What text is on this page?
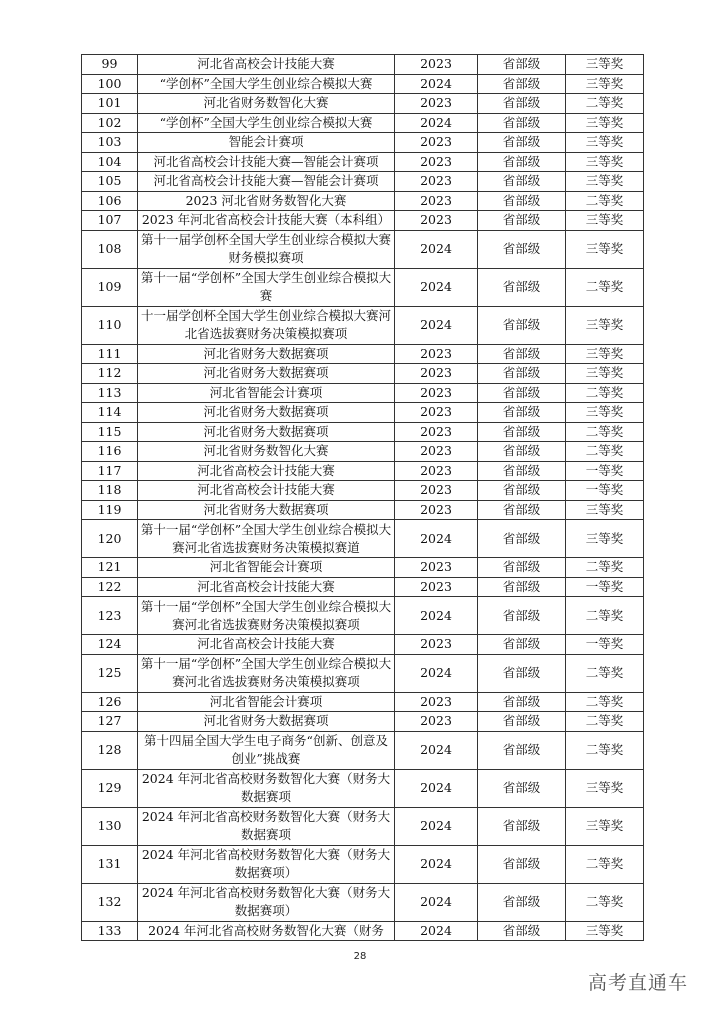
99	河北省高校会计技能大赛	2023	省部级	三等奖
100	“学创杯”全国大学生创业综合模拟大赛	2024	省部级	三等奖
101	河北省财务数智化大赛	2023	省部级	二等奖
102	“学创杯”全国大学生创业综合模拟大赛	2024	省部级	三等奖
103	智能会计赛项	2023	省部级	三等奖
104	河北省高校会计技能大赛—智能会计赛项	2023	省部级	三等奖
105	河北省高校会计技能大赛—智能会计赛项	2023	省部级	三等奖
106	2023 河北省财务数智化大赛	2023	省部级	二等奖
107	2023 年河北省高校会计技能大赛（本科组）	2023	省部级	三等奖
108	第十一届学创杯全国大学生创业综合模拟大赛财务模拟赛项	2024	省部级	三等奖
109	第十一届“学创杯”全国大学生创业综合模拟大赛	2024	省部级	二等奖
110	十一届学创杯全国大学生创业综合模拟大赛河北省选拔赛财务决策模拟赛项	2024	省部级	三等奖
111	河北省财务大数据赛项	2023	省部级	三等奖
112	河北省财务大数据赛项	2023	省部级	三等奖
113	河北省智能会计赛项	2023	省部级	二等奖
114	河北省财务大数据赛项	2023	省部级	三等奖
115	河北省财务大数据赛项	2023	省部级	二等奖
116	河北省财务数智化大赛	2023	省部级	二等奖
117	河北省高校会计技能大赛	2023	省部级	一等奖
118	河北省高校会计技能大赛	2023	省部级	一等奖
119	河北省财务大数据赛项	2023	省部级	三等奖
120	第十一届“学创杯”全国大学生创业综合模拟大赛河北省选拔赛财务决策模拟赛道	2024	省部级	三等奖
121	河北省智能会计赛项	2023	省部级	二等奖
122	河北省高校会计技能大赛	2023	省部级	一等奖
123	第十一届“学创杯”全国大学生创业综合模拟大赛河北省选拔赛财务决策模拟赛项	2024	省部级	二等奖
124	河北省高校会计技能大赛	2023	省部级	一等奖
125	第十一届“学创杯”全国大学生创业综合模拟大赛河北省选拔赛财务决策模拟赛项	2024	省部级	二等奖
126	河北省智能会计赛项	2023	省部级	二等奖
127	河北省财务大数据赛项	2023	省部级	二等奖
128	第十四届全国大学生电子商务“创新、创意及创业”挑战赛	2024	省部级	二等奖
129	2024 年河北省高校财务数智化大赛（财务大数据赛项	2024	省部级	三等奖
130	2024 年河北省高校财务数智化大赛（财务大数据赛项	2024	省部级	三等奖
131	2024 年河北省高校财务数智化大赛（财务大数据赛项）	2024	省部级	二等奖
132	2024 年河北省高校财务数智化大赛（财务大数据赛项）	2024	省部级	二等奖
133	2024 年河北省高校财务数智化大赛（财务	2024	省部级	三等奖
28
高考直通车
